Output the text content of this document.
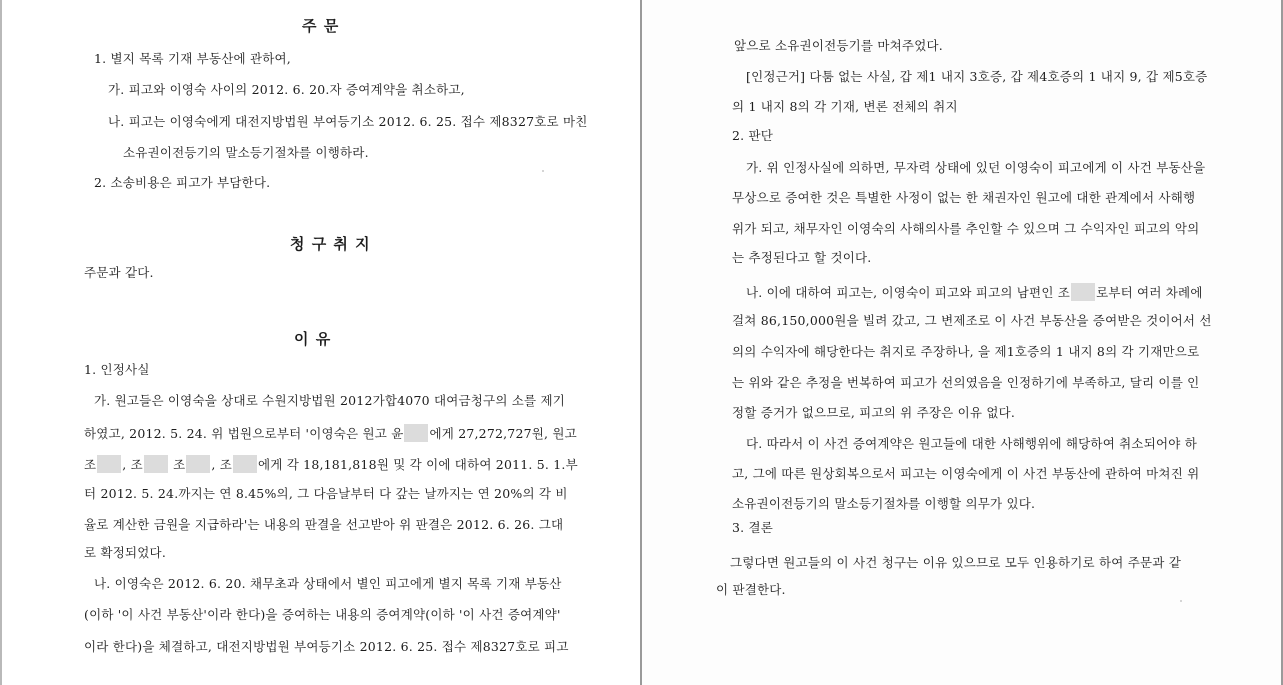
주 문
1. 별지 목록 기재 부동산에 관하여,
가. 피고와 이영숙 사이의 2012. 6. 20.자 증여계약을 취소하고,
나. 피고는 이영숙에게 대전지방법원 부여등기소 2012. 6. 25. 접수 제8327호로 마친
소유권이전등기의 말소등기절차를 이행하라.
2. 소송비용은 피고가 부담한다.
청 구 취 지
주문과 같다.
이 유
1. 인정사실
가. 원고들은 이영숙을 상대로 수원지방법원 2012가합4070 대여금청구의 소를 제기
하였고, 2012. 5. 24. 위 법원으로부터 '이영숙은 원고 윤 에게 27,272,727원, 원고
조 , 조 조 , 조 에게 각 18,181,818원 및 각 이에 대하여 2011. 5. 1.부
터 2012. 5. 24.까지는 연 8.45%의, 그 다음날부터 다 갚는 날까지는 연 20%의 각 비
율로 계산한 금원을 지급하라'는 내용의 판결을 선고받아 위 판결은 2012. 6. 26. 그대
로 확정되었다.
나. 이영숙은 2012. 6. 20. 채무초과 상태에서 별인 피고에게 별지 목록 기재 부동산
(이하 '이 사건 부동산'이라 한다)을 증여하는 내용의 증여계약(이하 '이 사건 증여계약'
이라 한다)을 체결하고, 대전지방법원 부여등기소 2012. 6. 25. 접수 제8327호로 피고
앞으로 소유권이전등기를 마쳐주었다.
[인정근거] 다툼 없는 사실, 갑 제1 내지 3호증, 갑 제4호증의 1 내지 9, 갑 제5호증
의 1 내지 8의 각 기재, 변론 전체의 취지
2. 판단
가. 위 인정사실에 의하면, 무자력 상태에 있던 이영숙이 피고에게 이 사건 부동산을
무상으로 증여한 것은 특별한 사정이 없는 한 채권자인 원고에 대한 관계에서 사해행
위가 되고, 채무자인 이영숙의 사해의사를 추인할 수 있으며 그 수익자인 피고의 악의
는 추정된다고 할 것이다.
나. 이에 대하여 피고는, 이영숙이 피고와 피고의 남편인 조 로부터 여러 차례에
걸쳐 86,150,000원을 빌려 갔고, 그 변제조로 이 사건 부동산을 증여받은 것이어서 선
의의 수익자에 해당한다는 취지로 주장하나, 을 제1호증의 1 내지 8의 각 기재만으로
는 위와 같은 추정을 번복하여 피고가 선의였음을 인정하기에 부족하고, 달리 이를 인
정할 증거가 없으므로, 피고의 위 주장은 이유 없다.
다. 따라서 이 사건 증여계약은 원고들에 대한 사해행위에 해당하여 취소되어야 하
고, 그에 따른 원상회복으로서 피고는 이영숙에게 이 사건 부동산에 관하여 마쳐진 위
소유권이전등기의 말소등기절차를 이행할 의무가 있다.
3. 결론
그렇다면 원고들의 이 사건 청구는 이유 있으므로 모두 인용하기로 하여 주문과 같
이 판결한다.
